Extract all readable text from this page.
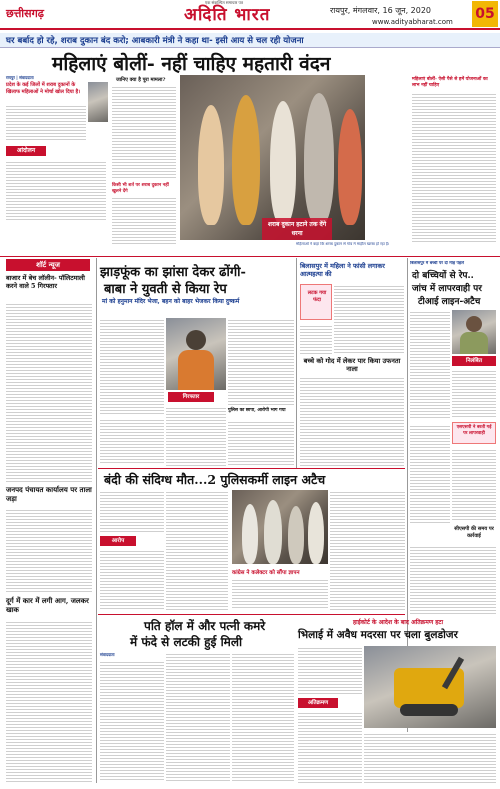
छत्तीसगढ़
एक संकल्पित समाचार पत्र
अदिति भारत	रायपुर, मंगलवार, 16 जून, 2020
www.adityabharat.com 05
घर बर्बाद हो रहे, शराब दुकान बंद करो; आबकारी मंत्री ने कहा था- इसी आय से चल रही योजना
महिलाएं बोलीं- नहीं चाहिए महतारी वंदन
रायपुर | संवाददाता
प्रदेश के कई जिलों में शराब दुकानों के खिलाफ महिलाओं ने मोर्चा खोल दिया है।
आंदोलन
जानिए क्या है पूरा मामला?
किसी भी शर्त पर शराब दुकान नहीं खुलने देंगे
शराब दुकान हटाने तक देंगे धरना
महिलाओं ने कहा कि शराब दुकान से गांव में माहौल खराब हो रहा है।
महिलाएं बोलीं- ऐसी पैसे से हमें योजनाओं का लाभ नहीं चाहिए
शॉर्ट न्यूज
बाजार में बेच लॉलीन- पॉलिटमाली करने वाले 5 गिरफ्तार
जनपद पंचायत कार्यालय पर ताला जड़ा
दूर्ग में कार में लगी आग, जलकर खाक
झाड़फूंक का झांसा देकर ढोंगी-
बाबा ने युवती से किया रेप
मां को हनुमान मंदिर भेजा, बहन को बाहर भेजकर किया दुष्कर्म
गिरफ्तार
पुलिस का छापा, आरोपी भाग गया
बिलासपुर में महिला ने फांसी लगाकर आत्महत्या की
लटक गया फंदा
बच्चे को गोद में लेकर पार किया उफनता नाला
बिलासपुर में बच्ची पर दो माह पहले
दो बच्चियों से रेप..
जांच में लापरवाही पर
टीआई लाइन-अटैच
निलंबित
एसएसपी ने बरती गई पर लापरवाही
सीएसपी की समय पर कार्रवाई
बंदी की संदिग्ध मौत...2 पुलिसकर्मी लाइन अटैच
आरोप
कांग्रेस ने कलेक्टर को सौंपा ज्ञापन
पति हॉल में और पत्नी कमरे
में फंदे से लटकी हुई मिली
संवाददाता
हाईकोर्ट के आदेश के बाद अतिक्रमण हटा
भिलाई में अवैध मदरसा पर चला बुलडोजर
अतिक्रमण
